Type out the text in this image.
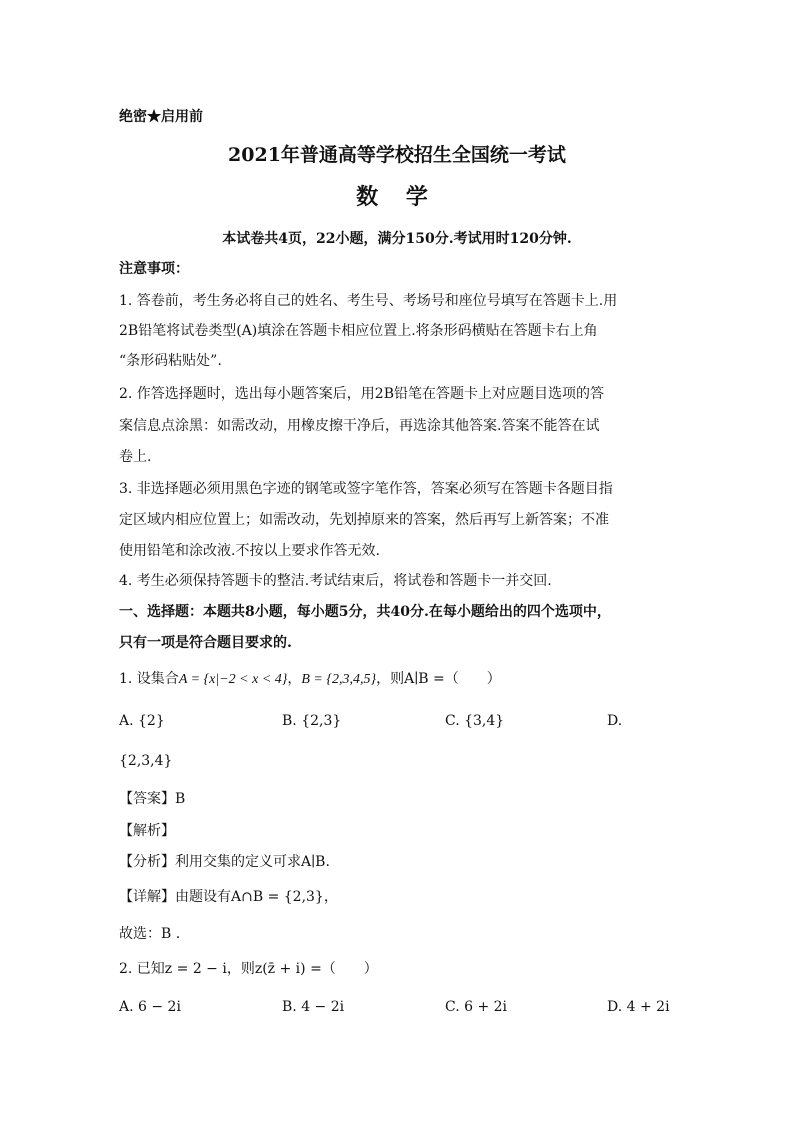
绝密★启用前
2021年普通高等学校招生全国统一考试
数 学
本试卷共4页，22小题，满分150分.考试用时120分钟.
注意事项：
1. 答卷前，考生务必将自己的姓名、考生号、考场号和座位号填写在答题卡上.用
2B铅笔将试卷类型(A)填涂在答题卡相应位置上.将条形码横贴在答题卡右上角
“条形码粘贴处”.
2. 作答选择题时，选出每小题答案后，用2B铅笔在答题卡上对应题目选项的答
案信息点涂黑：如需改动，用橡皮擦干净后，再选涂其他答案.答案不能答在试
卷上.
3. 非选择题必须用黑色字迹的钢笔或签字笔作答，答案必须写在答题卡各题目指
定区域内相应位置上；如需改动，先划掉原来的答案，然后再写上新答案；不准
使用铅笔和涂改液.不按以上要求作答无效.
4. 考生必须保持答题卡的整洁.考试结束后，将试卷和答题卡一并交回.
一、选择题：本题共8小题，每小题5分，共40分.在每小题给出的四个选项中，
只有一项是符合题目要求的.
1. 设集合A = {x|−2 < x < 4}，B = {2,3,4,5}，则A∣B =（　　）
A. {2}	B. {2,3}	C. {3,4}	D.
{2,3,4}
【答案】B
【解析】
【分析】利用交集的定义可求A∣B.
【详解】由题设有A∩B = {2,3}，
故选：B .
2. 已知z = 2 − i，则z(z̄ + i) =（　　）
A. 6 − 2i	B. 4 − 2i	C. 6 + 2i	D. 4 + 2i
